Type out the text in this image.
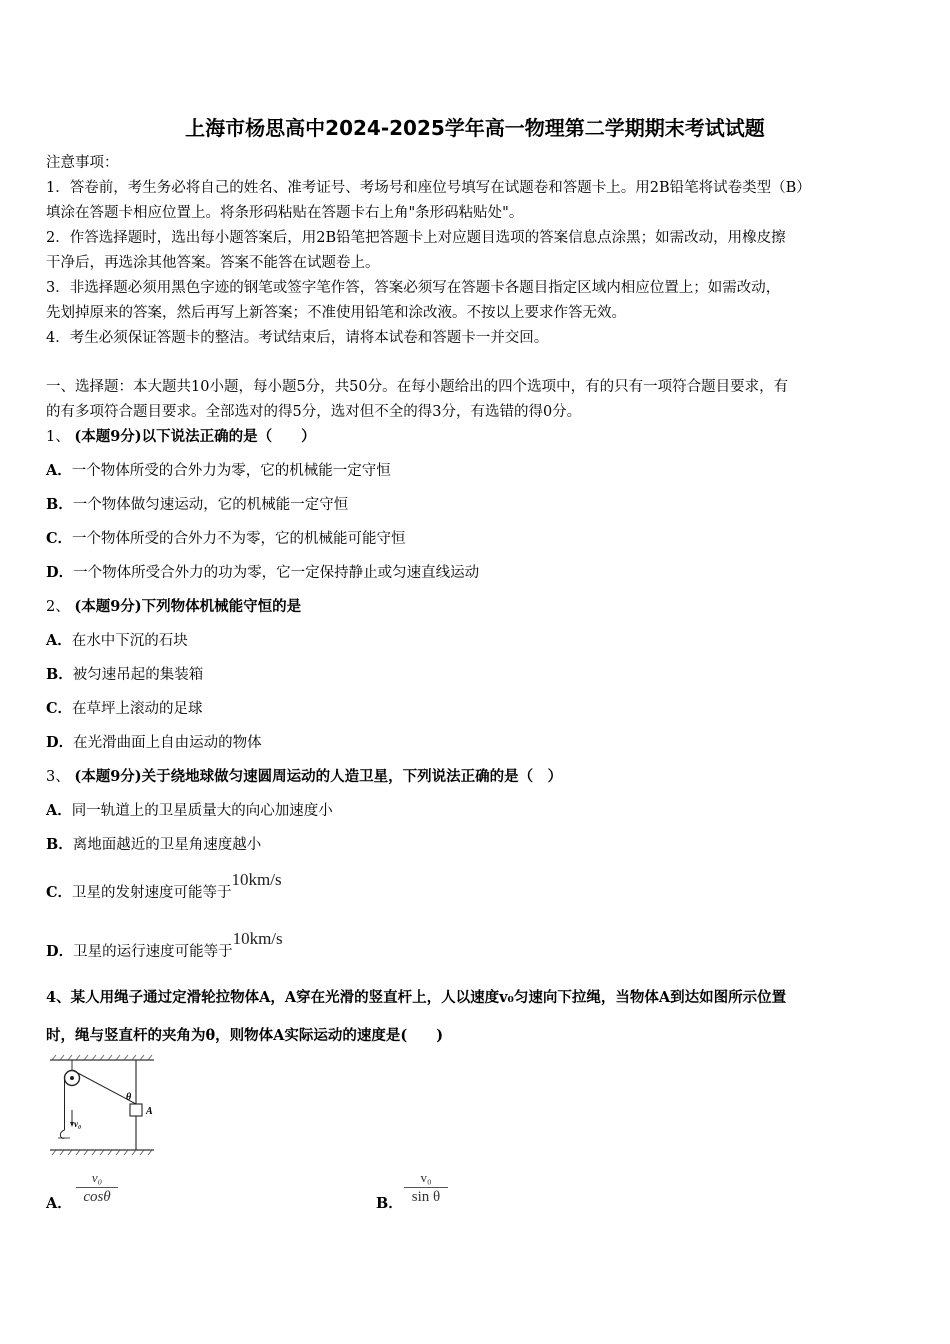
上海市杨思高中2024-2025学年高一物理第二学期期末考试试题
注意事项：
1．答卷前，考生务必将自己的姓名、准考证号、考场号和座位号填写在试题卷和答题卡上。用2B铅笔将试卷类型（B）
填涂在答题卡相应位置上。将条形码粘贴在答题卡右上角"条形码粘贴处"。
2．作答选择题时，选出每小题答案后，用2B铅笔把答题卡上对应题目选项的答案信息点涂黑；如需改动，用橡皮擦
干净后，再选涂其他答案。答案不能答在试题卷上。
3．非选择题必须用黑色字迹的钢笔或签字笔作答，答案必须写在答题卡各题目指定区域内相应位置上；如需改动，
先划掉原来的答案，然后再写上新答案；不准使用铅笔和涂改液。不按以上要求作答无效。
4．考生必须保证答题卡的整洁。考试结束后，请将本试卷和答题卡一并交回。
一、选择题：本大题共10小题，每小题5分，共50分。在每小题给出的四个选项中，有的只有一项符合题目要求，有
的有多项符合题目要求。全部选对的得5分，选对但不全的得3分，有选错的得0分。
1、 (本题9分)以下说法正确的是（　　）
A．一个物体所受的合外力为零，它的机械能一定守恒
B．一个物体做匀速运动，它的机械能一定守恒
C．一个物体所受的合外力不为零，它的机械能可能守恒
D．一个物体所受合外力的功为零，它一定保持静止或匀速直线运动
2、 (本题9分)下列物体机械能守恒的是
A．在水中下沉的石块
B．被匀速吊起的集装箱
C．在草坪上滚动的足球
D．在光滑曲面上自由运动的物体
3、 (本题9分)关于绕地球做匀速圆周运动的人造卫星，下列说法正确的是（　）
A．同一轨道上的卫星质量大的向心加速度小
B．离地面越近的卫星角速度越小
C．卫星的发射速度可能等于10km/s
D．卫星的运行速度可能等于10km/s
4、某人用绳子通过定滑轮拉物体A，A穿在光滑的竖直杆上，人以速度v₀匀速向下拉绳，当物体A到达如图所示位置
时，绳与竖直杆的夹角为θ，则物体A实际运动的速度是(　　)
v₀
θ
A
A．
v₀
cosθ	B．
v₀
sin θ
